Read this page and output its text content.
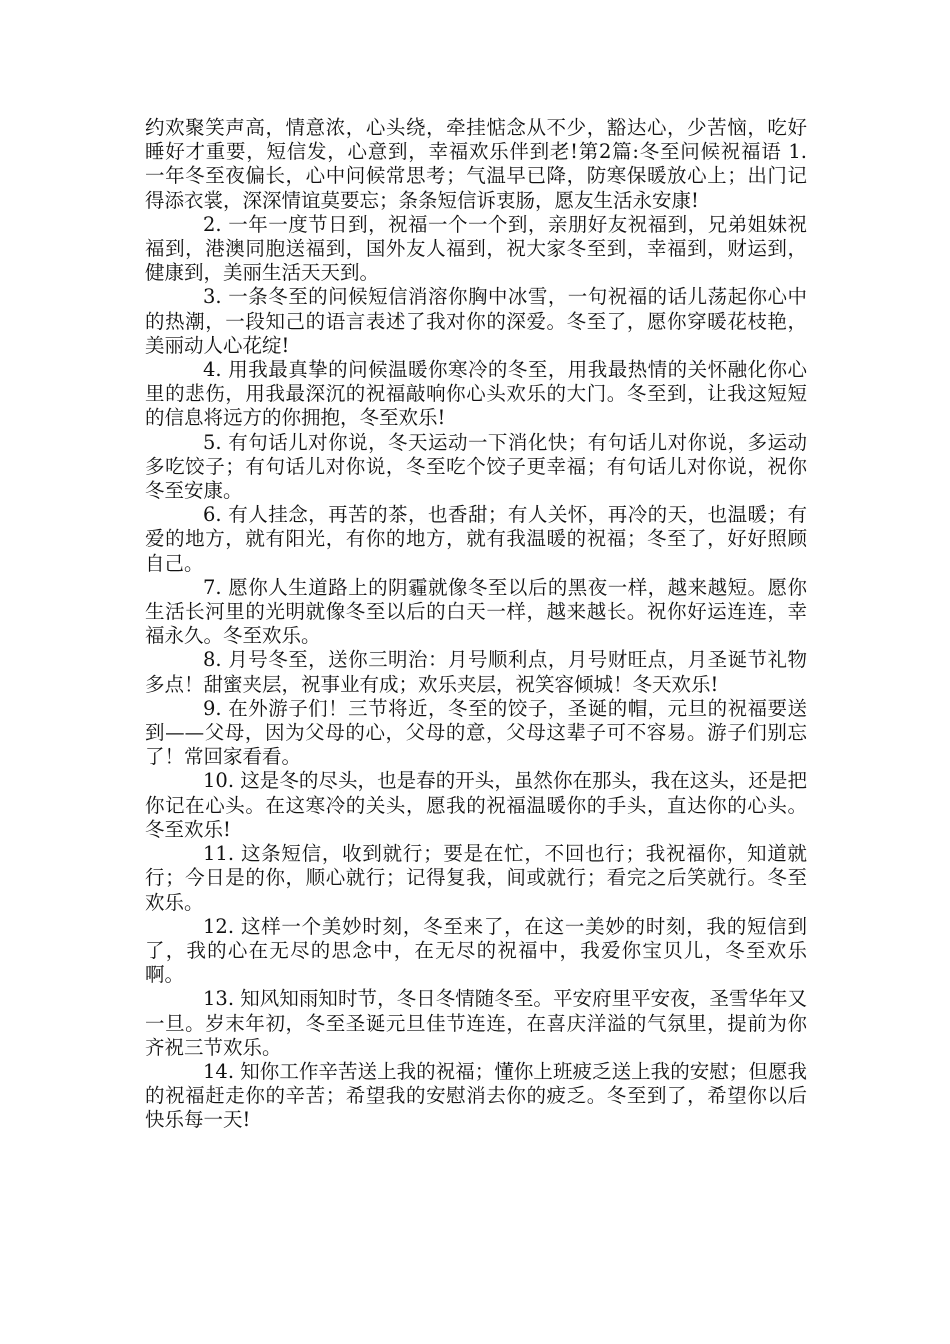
约欢聚笑声高，情意浓，心头绕，牵挂惦念从不少，豁达心，少苦恼，吃好睡好才重要，短信发，心意到，幸福欢乐伴到老!第2篇:冬至问候祝福语 1. 一年冬至夜偏长，心中问候常思考；气温早已降，防寒保暖放心上；出门记得添衣裳，深深情谊莫要忘；条条短信诉衷肠，愿友生活永安康!

2. 一年一度节日到，祝福一个一个到，亲朋好友祝福到，兄弟姐妹祝福到，港澳同胞送福到，国外友人福到，祝大家冬至到，幸福到，财运到，健康到，美丽生活天天到。

3. 一条冬至的问候短信消溶你胸中冰雪，一句祝福的话儿荡起你心中的热潮，一段知己的语言表述了我对你的深爱。冬至了，愿你穿暖花枝艳，美丽动人心花绽!

4. 用我最真挚的问候温暖你寒冷的冬至，用我最热情的关怀融化你心里的悲伤，用我最深沉的祝福敲响你心头欢乐的大门。冬至到，让我这短短的信息将远方的你拥抱，冬至欢乐!

5. 有句话儿对你说，冬天运动一下消化快；有句话儿对你说，多运动多吃饺子；有句话儿对你说，冬至吃个饺子更幸福；有句话儿对你说，祝你冬至安康。

6. 有人挂念，再苦的茶，也香甜；有人关怀，再冷的天，也温暖；有爱的地方，就有阳光，有你的地方，就有我温暖的祝福；冬至了，好好照顾自己。

7. 愿你人生道路上的阴霾就像冬至以后的黑夜一样，越来越短。愿你生活长河里的光明就像冬至以后的白天一样，越来越长。祝你好运连连，幸福永久。冬至欢乐。

8. 月号冬至，送你三明治：月号顺利点，月号财旺点，月圣诞节礼物多点！甜蜜夹层，祝事业有成；欢乐夹层，祝笑容倾城！冬天欢乐!

9. 在外游子们！三节将近，冬至的饺子，圣诞的帽，元旦的祝福要送到——父母，因为父母的心，父母的意，父母这辈子可不容易。游子们别忘了！常回家看看。

10. 这是冬的尽头，也是春的开头，虽然你在那头，我在这头，还是把你记在心头。在这寒冷的关头，愿我的祝福温暖你的手头，直达你的心头。冬至欢乐!

11. 这条短信，收到就行；要是在忙，不回也行；我祝福你，知道就行；今日是的你，顺心就行；记得复我，间或就行；看完之后笑就行。冬至欢乐。

12. 这样一个美妙时刻，冬至来了，在这一美妙的时刻，我的短信到了，我的心在无尽的思念中，在无尽的祝福中，我爱你宝贝儿，冬至欢乐啊。

13. 知风知雨知时节，冬日冬情随冬至。平安府里平安夜，圣雪华年又一旦。岁末年初，冬至圣诞元旦佳节连连，在喜庆洋溢的气氛里，提前为你齐祝三节欢乐。

14. 知你工作辛苦送上我的祝福；懂你上班疲乏送上我的安慰；但愿我的祝福赶走你的辛苦；希望我的安慰消去你的疲乏。冬至到了，希望你以后快乐每一天!
